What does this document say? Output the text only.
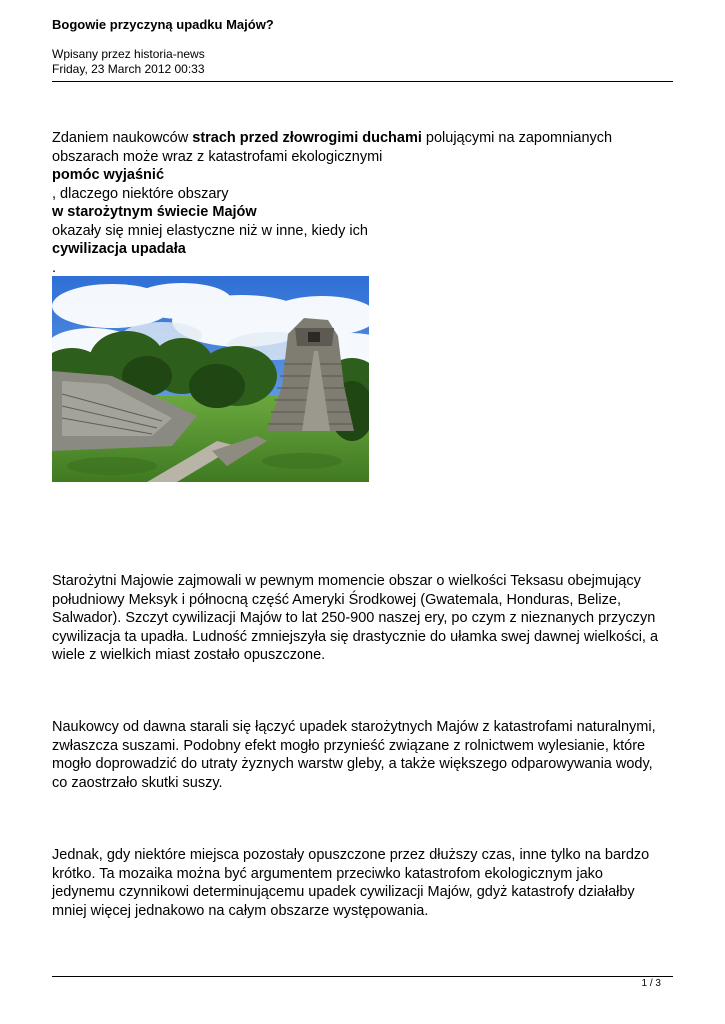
Bogowie przyczyną upadku Majów?
Wpisany przez historia-news
Friday, 23 March 2012 00:33
Zdaniem naukowców strach przed złowrogimi duchami polującymi na zapomnianych obszarach może wraz z katastrofami ekologicznymi
pomóc wyjaśnić
, dlaczego niektóre obszary
w starożytnym świecie Majów
okazały się mniej elastyczne niż w inne, kiedy ich
cywilizacja upadała
.
Starożytni Majowie zajmowali w pewnym momencie obszar o wielkości Teksasu obejmujący południowy Meksyk i północną część Ameryki Środkowej (Gwatemala, Honduras, Belize, Salwador). Szczyt cywilizacji Majów to lat 250-900 naszej ery, po czym z nieznanych przyczyn cywilizacja ta upadła. Ludność zmniejszyła się drastycznie do ułamka swej dawnej wielkości, a wiele z wielkich miast zostało opuszczone.
Naukowcy od dawna starali się łączyć upadek starożytnych Majów z katastrofami naturalnymi, zwłaszcza suszami. Podobny efekt mogło przynieść związane z rolnictwem wylesianie, które mogło doprowadzić do utraty żyznych warstw gleby, a także większego odparowywania wody, co zaostrzało skutki suszy.
Jednak, gdy niektóre miejsca pozostały opuszczone przez dłuższy czas, inne tylko na bardzo krótko. Ta mozaika można być argumentem przeciwko katastrofom ekologicznym jako jedynemu czynnikowi determinującemu upadek cywilizacji Majów, gdyż katastrofy działałby mniej więcej jednakowo na całym obszarze występowania.
1 / 3
